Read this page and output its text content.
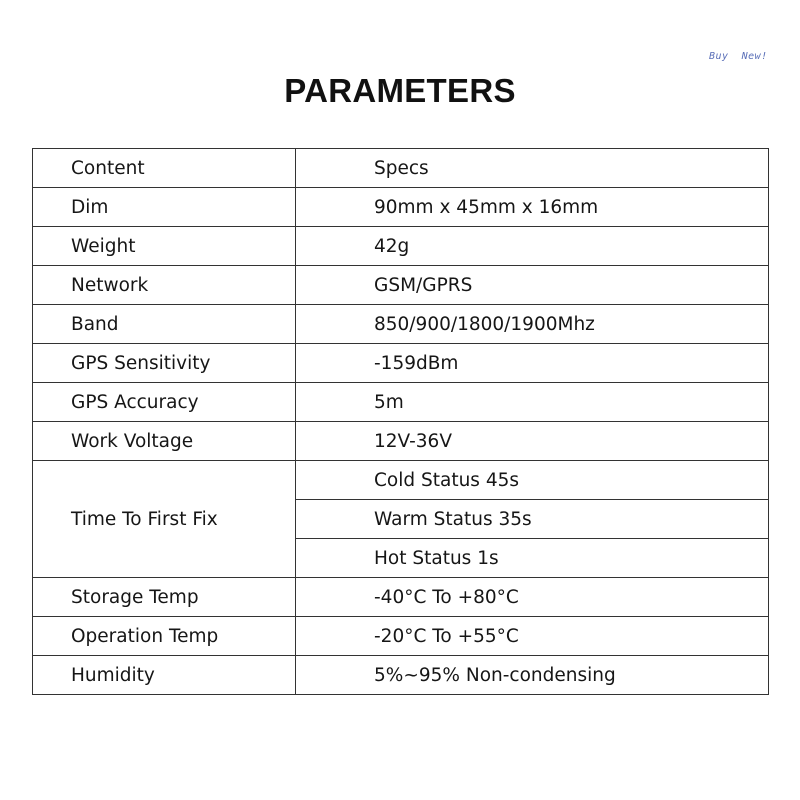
Buy  New!
PARAMETERS
Content	Specs
Dim	90mm x 45mm x 16mm
Weight	42g
Network	GSM/GPRS
Band	850/900/1800/1900Mhz
GPS Sensitivity	-159dBm
GPS Accuracy	5m
Work Voltage	12V-36V
Time To First Fix	Cold Status 45s
	Warm Status 35s
	Hot Status 1s
Storage Temp	-40°C To +80°C
Operation Temp	-20°C To +55°C
Humidity	5%~95% Non-condensing
